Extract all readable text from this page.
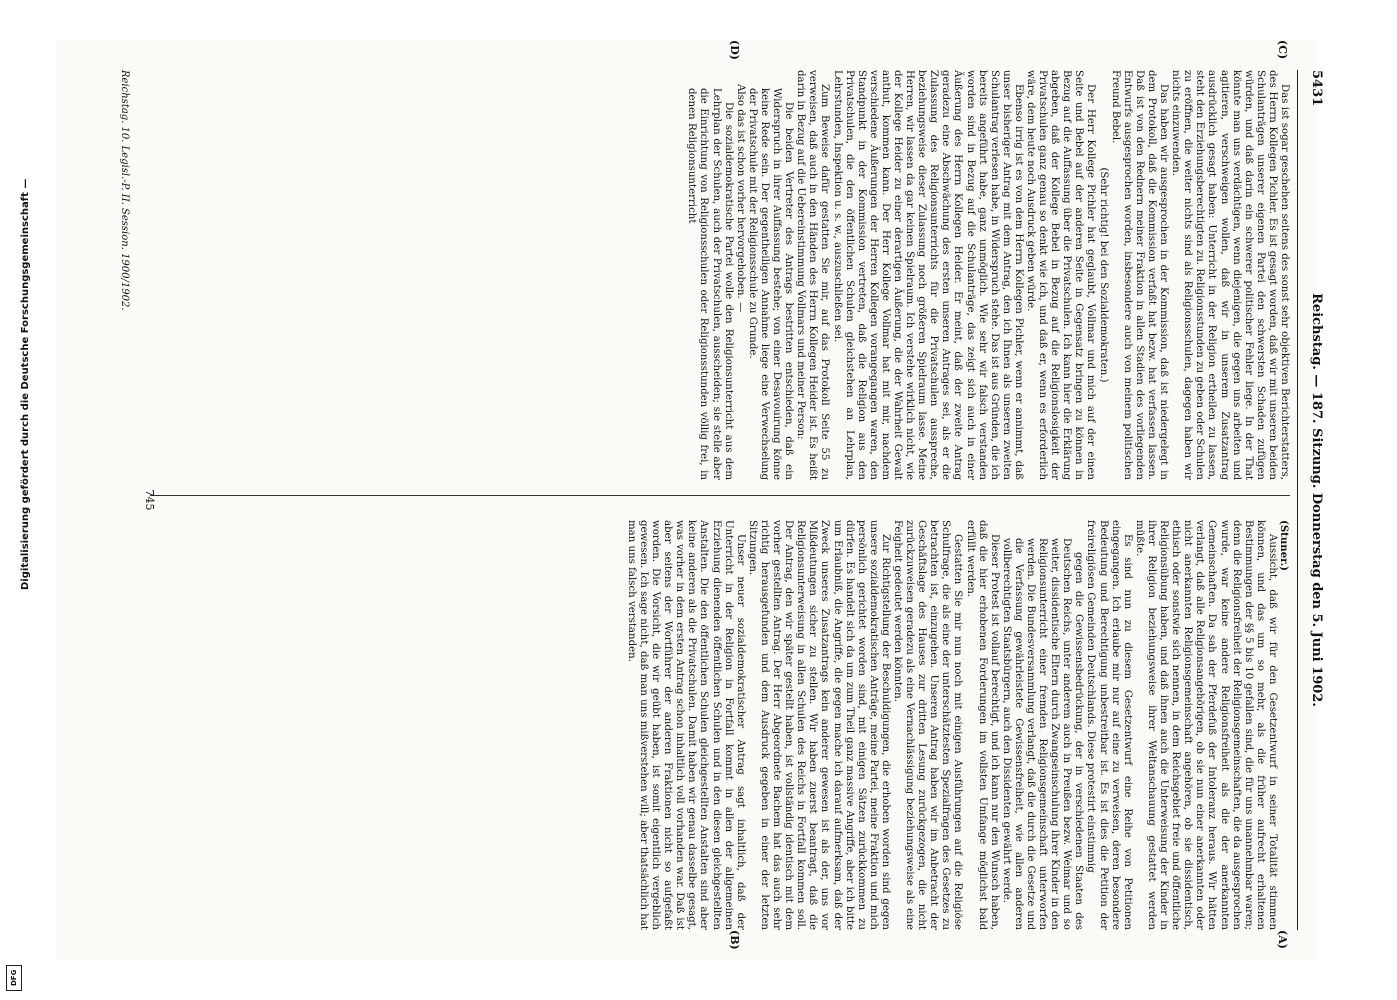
5431
Reichstag. — 187. Sitzung. Donnerstag den 5. Juni 1902.

Das ist sogar geschehen seitens des sonst sehr objektiven Berichterstatters, des Herrn Kollegen Pichler. Es ist gesagt worden, daß wir mit unseren beiden Schulanträgen unserer eigenen Partei den schwersten Schaden zufügen würden, und daß darin ein schwerer politischer Fehler liege. In der That könnte man uns verdächtigen, wenn diejenigen, die gegen uns arbeiten und agitieren, verschweigen wollen, daß wir in unserem Zusatzantrag ausdrücklich gesagt haben: Unterricht in der Religion ertheilen zu lassen, steht den Erziehungsberechtigten zu. Religionsstunden zu geben oder Schulen zu eröffnen, die weiter nichts sind als Religionsschulen, dagegen haben wir nichts einzuwenden.

Das haben wir ausgesprochen in der Kommission, daß ist niedergelegt in dem Protokoll, daß die Kommission verfaßt hat bezw. hat verfassen lassen. Daß ist von den Rednern meiner Fraktion in allen Stadien des vorliegenden Entwurfs ausgesprochen worden, insbesondere auch von meinem politischen Freund Bebel.

(Sehr richtig! bei den Sozialdemokraten.)

Der Herr Kollege Pichler hat geglaubt, Vollmar und mich auf der einen Seite und Bebel auf der anderen Seite in Gegensatz bringen zu können in Bezug auf die Auffassung über die Privatschulen. Ich kann hier die Erklärung abgeben, daß der Kollege Bebel in Bezug auf die Religionslosigkeit der Privatschulen ganz genau so denkt wie ich, und daß er, wenn es erforderlich wäre, dem heute noch Ausdruck geben würde.

Ebenso irrig ist es von dem Herrn Kollegen Pichler, wenn er annimmt, daß unser bisheriger Antrag mit dem Antrag, den ich Ihnen als unseren zweiten Schulantrag verlesen habe, in Widerspruch stehe. Das ist aus Gründen, die ich bereits angeführt habe, ganz unmöglich. Wie sehr wir falsch verstanden worden sind in Bezug auf die Schulanträge, das zeigt sich auch in einer Äußerung des Herrn Kollegen Heider. Er meint, daß der zweite Antrag geradezu eine Abschwächung des ersten unseren Antrages sei, als er die Zulassung des Religionsunterrichts für die Privatschulen ausspreche, beziehungsweise dieser Zulassung noch größeren Spielraum lasse. Meine Herren, wir lassen da gar keinen Spielraum. Ich verstehe wirklich nicht, wie der Kollege Heider zu einer derartigen Äußerung, die der Wahrheit Gewalt anthut, kommen kann. Der Herr Kollege Vollmar hat mit mir, nachdem verschiedene Äußerungen der Herren Kollegen vorangegangen waren, den Standpunkt in der Kommission vertreten, daß die Religion aus den Privatschulen, die den öffentlichen Schulen gleichstehen an Lehrplan, Lehrstunden, Inspektion u. s. w., auszuschließen sei.

Zum Beweise dafür gestatten Sie mir, auf das Protokoll Seite 55 zu verweisen, daß auch in den Händen des Herrn Kollegen Heider ist. Es heißt darin in Bezug auf die Uebereinstimmung Vollmars und meiner Person:

Die beiden Vertreter des Antrags bestritten entschieden, daß ein Widerspruch in ihrer Auffassung bestehe; von einer Desavouirung könne keine Rede sein. Der gegentheiligen Annahme liege eine Verwechselung der Privatschule mit der Religionsschule zu Grunde.

Also das ist schon vorher hervorgehoben. —

Die sozialdemokratische Partei wolle den Religionsunterricht aus dem Lehrplan der Schulen, auch der Privatschulen, ausscheiden; sie stelle aber die Einrichtung von Religionsschulen oder Religionsstunden völlig frei, in denen Religionsunterricht

(Stuner.)

Aussicht, daß wir für den Gesetzentwurf in seiner Totalität stimmen können, und das um so mehr, als die früher aufrecht erhaltenen Bestimmungen der §§ 5 bis 10 gefallen sind, die für uns unannehmbar waren; denn die Religionsfreiheit der Religionsgemeinschaften, die da ausgesprochen wurde, war keine andere Religionsfreiheit als die der anerkannten Gemeinschaften. Da sah der Pferdefuß der Intoleranz heraus. Wir hätten verlangt, daß alle Religionsangehörigen, ob sie nun einer anerkannten oder nicht anerkannten Religionsgemeinschaft angehören, ob sie dissidentisch, ethisch oder sonstwie sich nennen, in dem Reichsgebiet freie und öffentliche Religionsübung haben, und daß ihnen auch die Unterweisung der Kinder in ihrer Religion beziehungsweise ihrer Weltanschauung gestattet werden müßte.

Es sind nun zu diesem Gesetzentwurf eine Reihe von Petitionen eingegangen. Ich erlaube mir nur auf eine zu verweisen, deren besondere Bedeutung und Berechtigung unbestreitbar ist. Es ist dies die Petition der freireligiösen Gemeinden Deutschlands. Diese protestirt einstimmig

gegen die Gewissensbedrückung, der in verschiedenen Staaten des Deutschen Reichs, unter anderem auch in Preußen bezw. Weimar und so weiter, dissidentische Eltern durch Zwangseinschulung ihrer Kinder in den Religionsunterricht einer fremden Religionsgemeinschaft unterworfen werden. Die Bundesversammlung verlangt, daß die durch die Gesetze und die Verfassung gewährleistete Gewissensfreiheit, wie allen anderen vollberechtigten Staatsbürgern, auch den Dissidenten gewährt werde.

Dieser Protest ist vollauf berechtigt, und ich kann nur den Wunsch haben, daß die hier erhobenen Forderungen im vollsten Umfange möglichst bald erfüllt werden.

Gestatten Sie mir nun noch mit einigen Ausführungen auf die Religiöse Schulfrage, die als eine der unterschätztesten Spezialfragen des Gesetzes zu betrachten ist, einzugehen. Unseren Antrag haben wir im Anbetracht der Geschäftslage des Hauses zur dritten Lesung zurückgezogen, die nicht zurückzuweisen geradezu als eine Vernachlässigung beziehungsweise als eine Feigheit gedeutet werden könnten.

Zur Richtigstellung der Beschuldigungen, die erhoben worden sind gegen unsere sozialdemokratischen Anträge, meine Partei, meine Fraktion und mich persönlich gerichtet worden sind, mit einigen Sätzen zurückkommen zu dürfen. Es handelt sich da um zum Theil ganz massive Angriffe, aber ich bitte um Erlaubniß, die Angriffe, die gegen mache ich darauf aufmerksam, daß der Zweck unseres Zusatzantrags kein anderer gewesen ist als der, uns vor Mißdeutungen sicher zu stellen. Wir haben zuerst beantragt, daß die Religionsunterweisung in allen Schulen des Reichs in Fortfall kommen soll. Der Antrag, den wir später gestellt haben, ist vollständig identisch mit dem vorher gestellten Antrag. Der Herr Abgeordnete Bachem hat das auch sehr richtig herausgefunden und dem Ausdruck gegeben in einer der letzten Sitzungen.

Unser neuer sozialdemokratischer Antrag sagt inhaltlich, daß der Unterricht in der Religion in Fortfall kommt in allen der allgemeinen Erziehung dienenden öffentlichen Schulen und in den diesen gleichgestellten Anstalten. Die den öffentlichen Schulen gleichgestellten Anstalten sind aber keine anderen als die Privatschulen. Damit haben wir genau dasselbe gesagt, was vorher in dem ersten Antrag schon inhaltlich voll vorhanden war. Daß ist aber seitens der Wortführer der anderen Fraktionen nicht so aufgefaßt worden. Die Vorsicht, die wir geübt haben, ist somit eigentlich vergeblich gewesen. Ich sage nicht, daß man uns mißverstehen will; aber thatsächlich hat man uns falsch verstanden.

(A)
(B)
(C)
(D)
745
Reichstag. 10. Legisl.-P. II. Session. 1900/1902.
Digitalisierung gefördert durch die Deutsche Forschungsgemeinschaft —
DFG
